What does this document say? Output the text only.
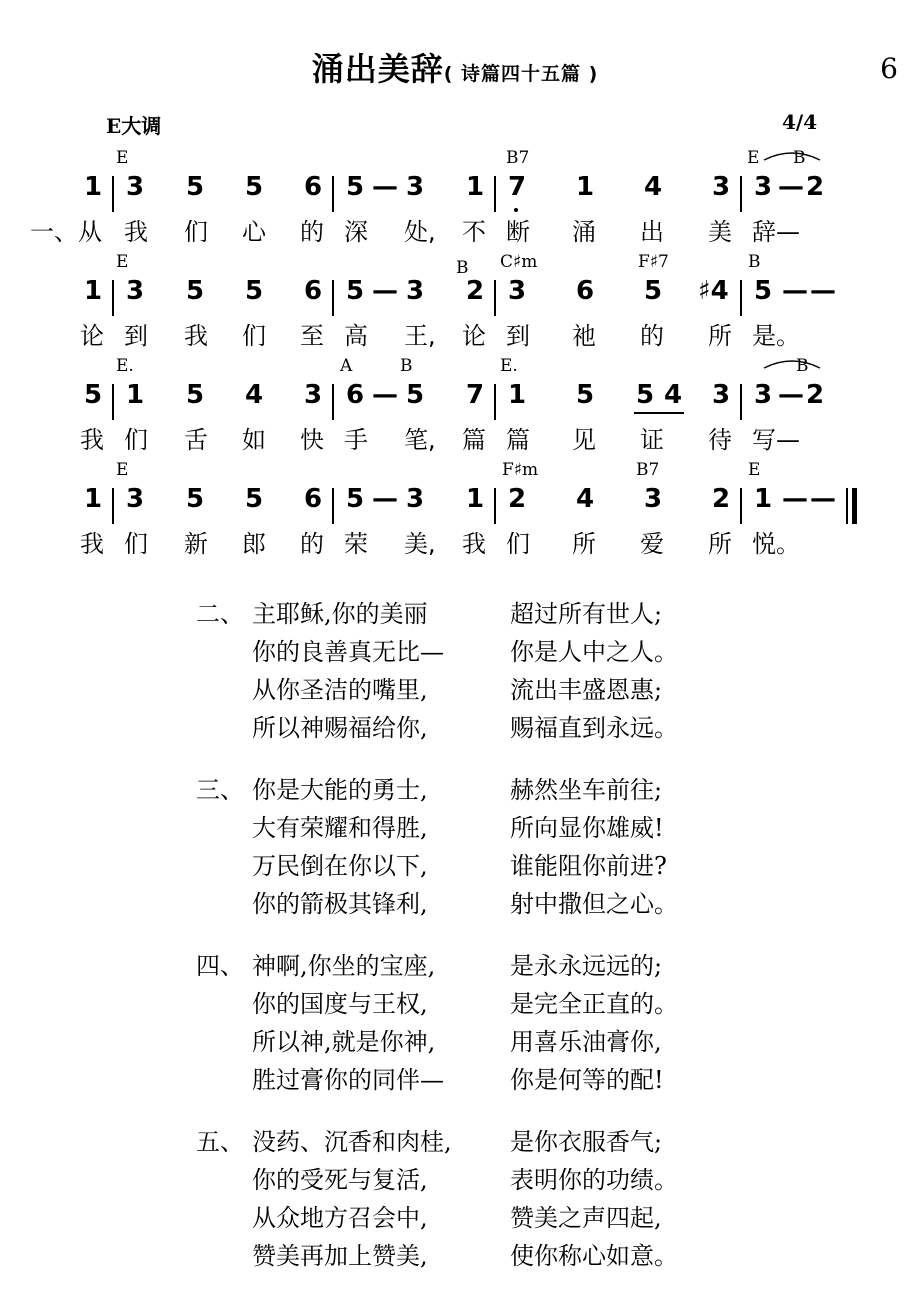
涌出美辞( 诗篇四十五篇 )	6
E大调	4/4
E	B7	E B
1 3 5 5 6 5 — 3 1 7 1 4 3 3 — 2
一、从 我 们 心 的 深 处, 不 断 涌 出 美 辞—
E	B C♯m	F♯7	B
1 3 5 5 6 5 — 3 2 3 6 5 ♯4 5 — —
论 到 我 们 至 高 王, 论 到 祂 的 所 是。
E.	A	B	E.	B
5 1 5 4 3 6 — 5 7 1 5 5 4 3 3 — 2
我 们 舌 如 快 手 笔, 篇 篇 见 证 待 写—
E	F♯m	B7	E
1 3 5 5 6 5 — 3 1 2 4 3 2 1 — —
我 们 新 郎 的 荣 美, 我 们 所 爱 所 悦。
二、 主耶稣,你的美丽	超过所有世人;
你的良善真无比—	你是人中之人。
从你圣洁的嘴里,	流出丰盛恩惠;
所以神赐福给你,	赐福直到永远。
三、 你是大能的勇士,	赫然坐车前往;
大有荣耀和得胜,	所向显你雄威!
万民倒在你以下,	谁能阻你前进?
你的箭极其锋利,	射中撒但之心。
四、 神啊,你坐的宝座,	是永永远远的;
你的国度与王权,	是完全正直的。
所以神,就是你神,	用喜乐油膏你,
胜过膏你的同伴—	你是何等的配!
五、 没药、沉香和肉桂,	是你衣服香气;
你的受死与复活,	表明你的功绩。
从众地方召会中,	赞美之声四起,
赞美再加上赞美,	使你称心如意。
